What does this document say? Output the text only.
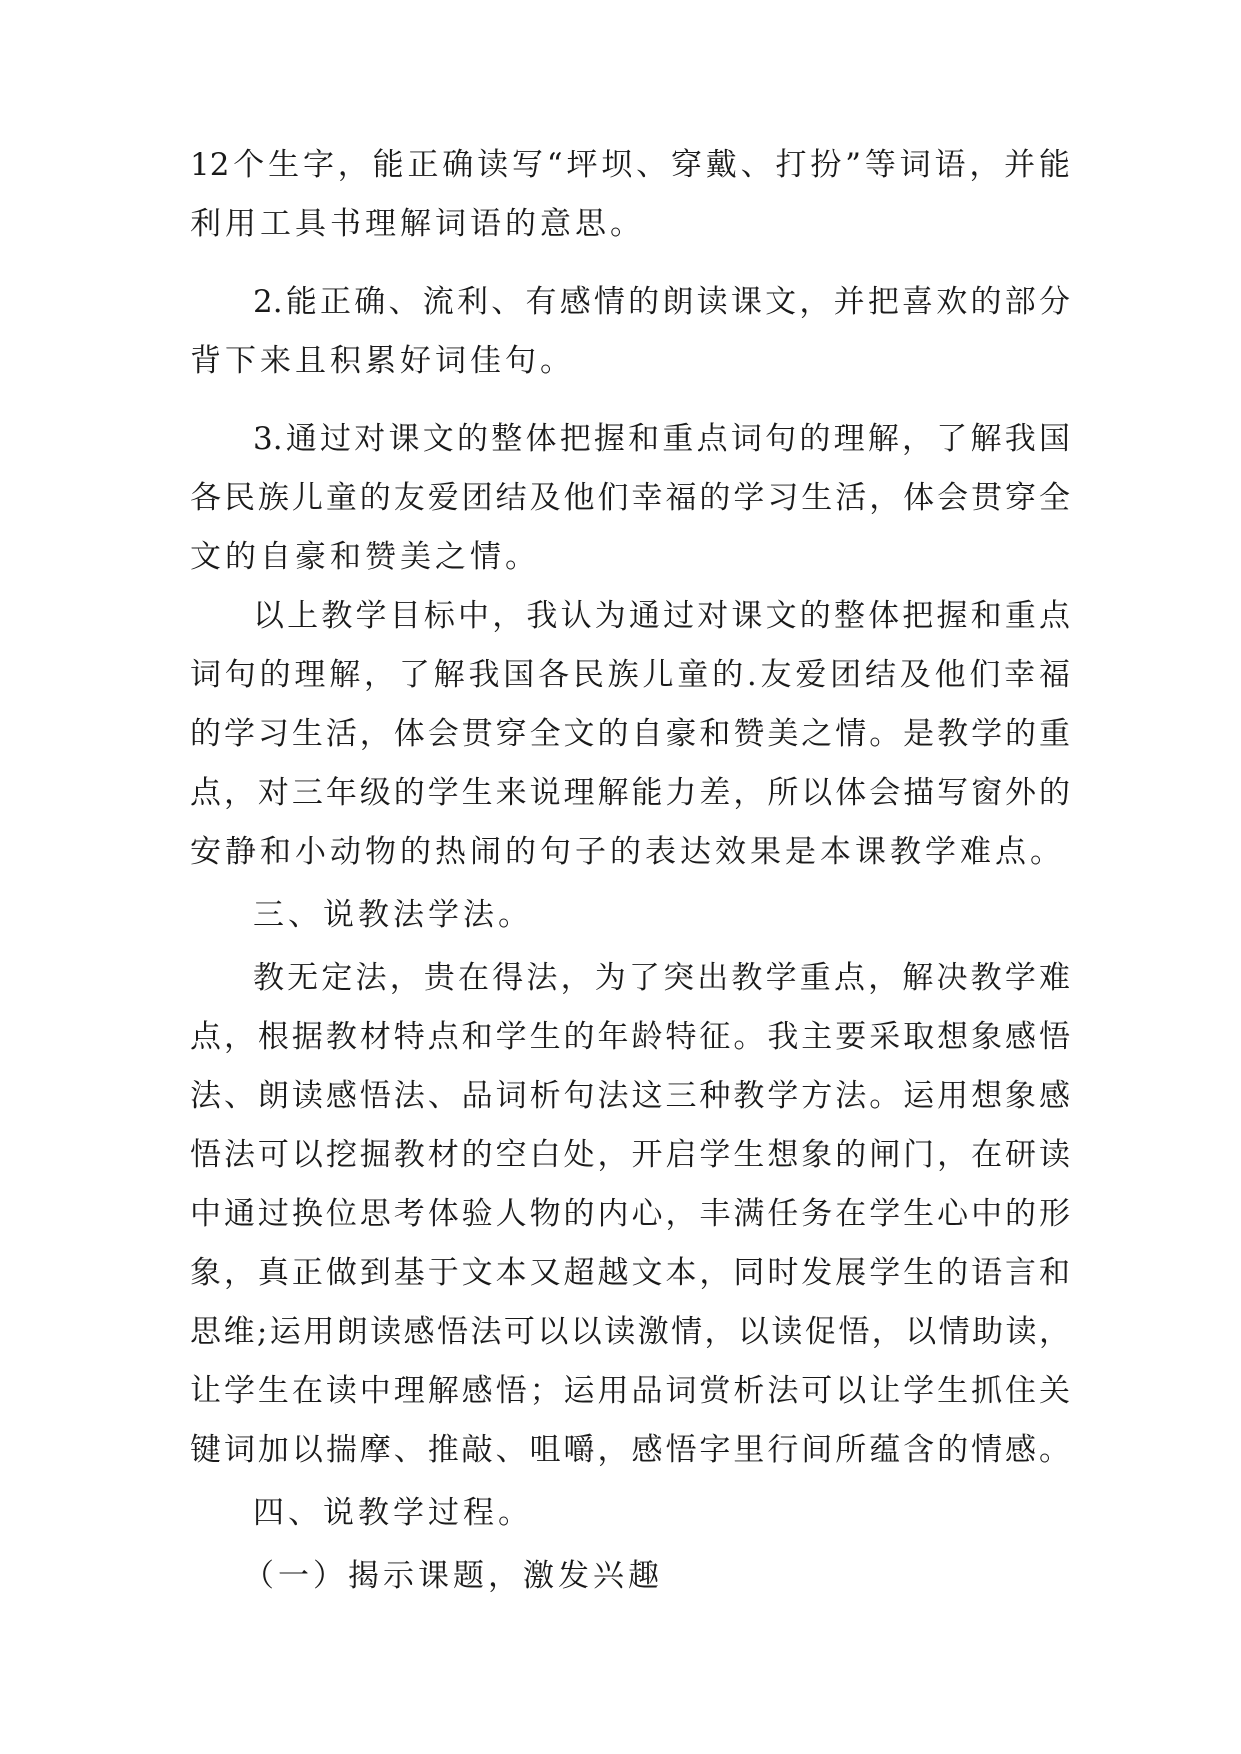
12个生字，能正确读写“坪坝、穿戴、打扮”等词语，并能
利用工具书理解词语的意思。
2.能正确、流利、有感情的朗读课文，并把喜欢的部分
背下来且积累好词佳句。
3.通过对课文的整体把握和重点词句的理解，了解我国
各民族儿童的友爱团结及他们幸福的学习生活，体会贯穿全
文的自豪和赞美之情。
以上教学目标中，我认为通过对课文的整体把握和重点
词句的理解，了解我国各民族儿童的.友爱团结及他们幸福
的学习生活，体会贯穿全文的自豪和赞美之情。是教学的重
点，对三年级的学生来说理解能力差，所以体会描写窗外的
安静和小动物的热闹的句子的表达效果是本课教学难点。
三、说教法学法。
教无定法，贵在得法，为了突出教学重点，解决教学难
点，根据教材特点和学生的年龄特征。我主要采取想象感悟
法、朗读感悟法、品词析句法这三种教学方法。运用想象感
悟法可以挖掘教材的空白处，开启学生想象的闸门，在研读
中通过换位思考体验人物的内心，丰满任务在学生心中的形
象，真正做到基于文本又超越文本，同时发展学生的语言和
思维;运用朗读感悟法可以以读激情，以读促悟，以情助读，
让学生在读中理解感悟；运用品词赏析法可以让学生抓住关
键词加以揣摩、推敲、咀嚼，感悟字里行间所蕴含的情感。
四、说教学过程。
（一）揭示课题，激发兴趣
